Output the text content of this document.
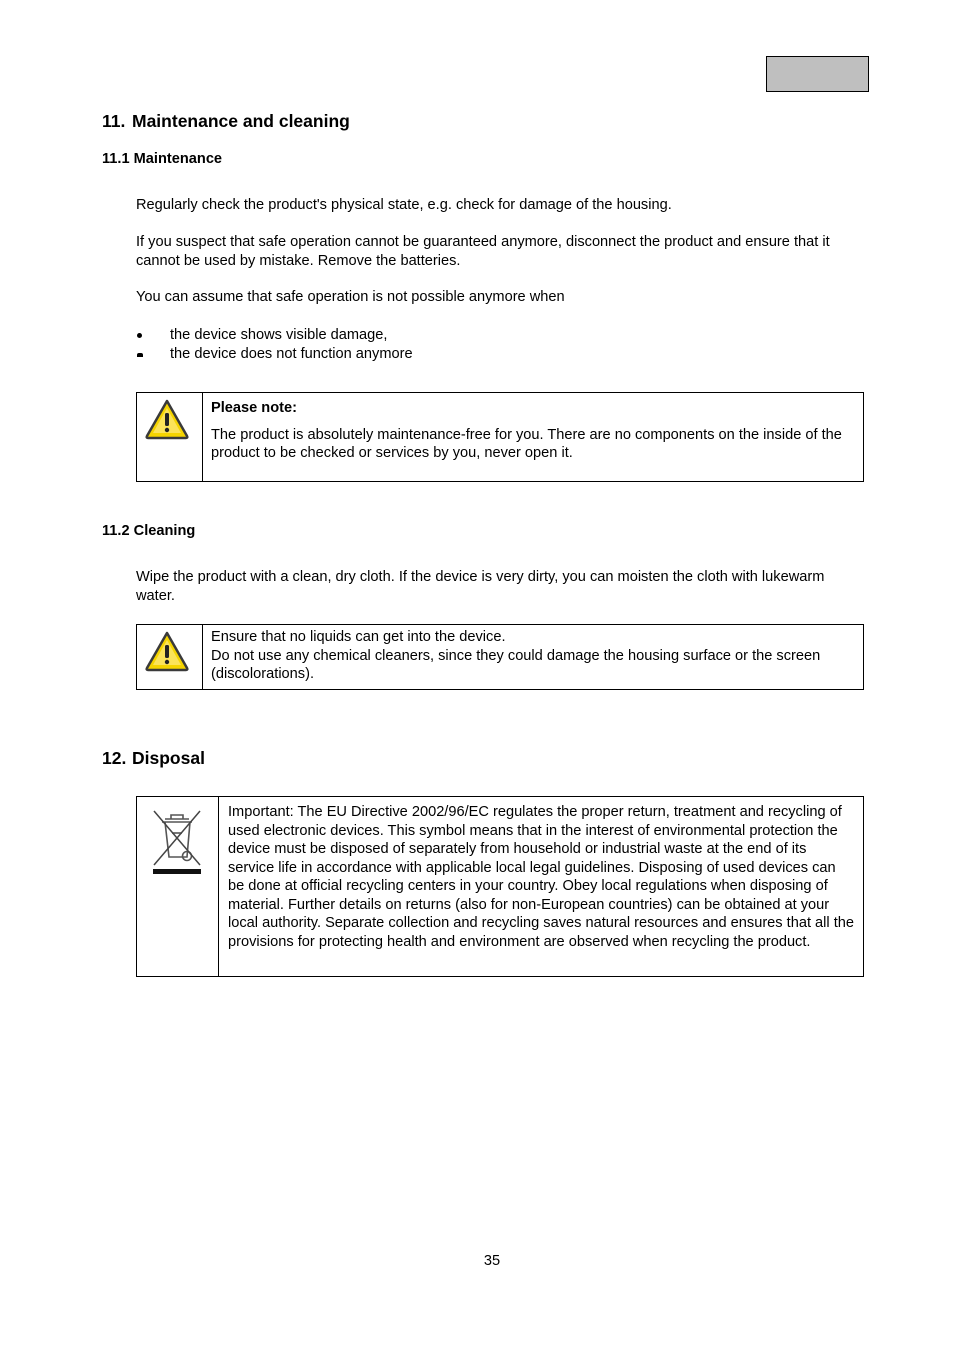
11. Maintenance and cleaning
11.1 Maintenance

Regularly check the product's physical state, e.g. check for damage of the housing.

If you suspect that safe operation cannot be guaranteed anymore, disconnect the product and ensure that it cannot be used by mistake. Remove the batteries.

You can assume that safe operation is not possible anymore when

the device shows visible damage,
the device does not function anymore

Please note:
The product is absolutely maintenance-free for you. There are no components on the inside of the product to be checked or services by you, never open it.
11.2 Cleaning

Wipe the product with a clean, dry cloth. If the device is very dirty, you can moisten the cloth with lukewarm water.

Ensure that no liquids can get into the device.
Do not use any chemical cleaners, since they could damage the housing surface or the screen (discolorations).
12. Disposal

Important: The EU Directive 2002/96/EC regulates the proper return, treatment and recycling of used electronic devices. This symbol means that in the interest of environmental protection the device must be disposed of separately from household or industrial waste at the end of its service life in accordance with applicable local legal guidelines. Disposing of used devices can be done at official recycling centers in your country. Obey local regulations when disposing of material. Further details on returns (also for non-European countries) can be obtained at your local authority. Separate collection and recycling saves natural resources and ensures that all the provisions for protecting health and environment are observed when recycling the product.
35
